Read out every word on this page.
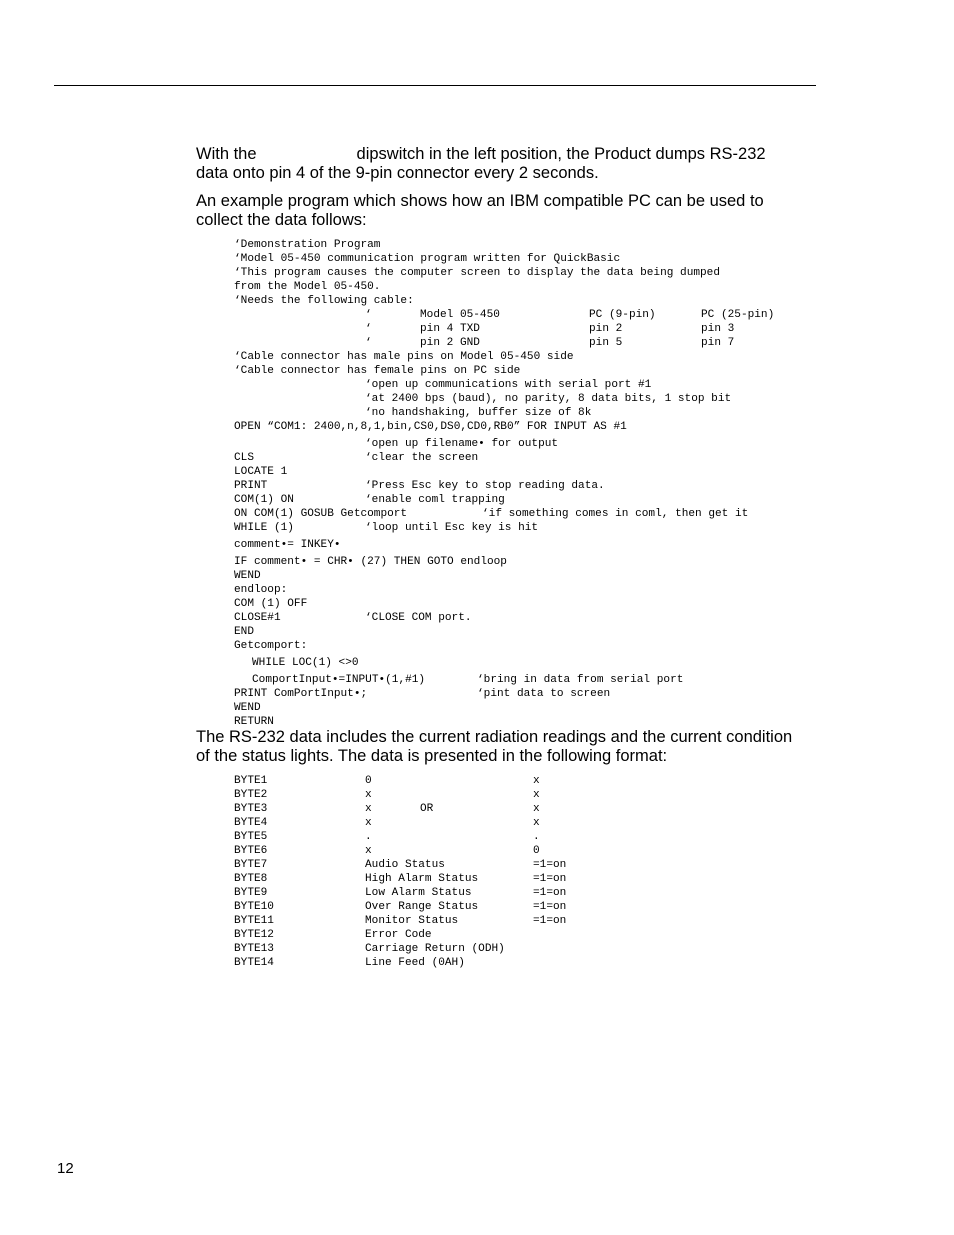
With the	dipswitch in the left position, the Product dumps RS-232 data onto pin 4 of the 9-pin connector every 2 seconds.

An example program which shows how an IBM compatible PC can be used to collect the data follows:

‘Demonstration Program
‘Model 05-450 communication program written for QuickBasic
‘This program causes the computer screen to display the data being dumped
from the Model 05-450.
‘Needs the following cable:
‘	Model 05-450	PC (9-pin)	PC (25-pin)
‘	pin 4 TXD	pin 2	pin 3
‘	pin 2 GND	pin 5	pin 7
‘Cable connector has male pins on Model 05-450 side
‘Cable connector has female pins on PC side
‘open up communications with serial port #1
‘at 2400 bps (baud), no parity, 8 data bits, 1 stop bit
‘no handshaking, buffer size of 8k
OPEN “COM1: 2400,n,8,1,bin,CS0,DS0,CD0,RB0” FOR INPUT AS #1
‘open up filename• for output
CLS	‘clear the screen
LOCATE 1
PRINT	‘Press Esc key to stop reading data.
COM(1) ON	‘enable coml trapping
ON COM(1) GOSUB Getcomport	‘if something comes in coml, then get it
WHILE (1)	‘loop until Esc key is hit
comment•= INKEY•
IF comment• = CHR• (27) THEN GOTO endloop
WEND
endloop:
COM (1) OFF
CLOSE#1	‘CLOSE COM port.
END
Getcomport:
WHILE LOC(1) <>0
ComportInput•=INPUT•(1,#1)	‘bring in data from serial port
PRINT ComPortInput•;	‘pint data to screen
WEND
RETURN

The RS-232 data includes the current radiation readings and the current condition of the status lights. The data is presented in the following format:

BYTE1	0	x
BYTE2	x	x
BYTE3	x	OR	x
BYTE4	x	x
BYTE5	.	.
BYTE6	x	0
BYTE7	Audio Status	=1=on
BYTE8	High Alarm Status	=1=on
BYTE9	Low Alarm Status	=1=on
BYTE10	Over Range Status	=1=on
BYTE11	Monitor Status	=1=on
BYTE12	Error Code
BYTE13	Carriage Return (ODH)
BYTE14	Line Feed (0AH)

12
